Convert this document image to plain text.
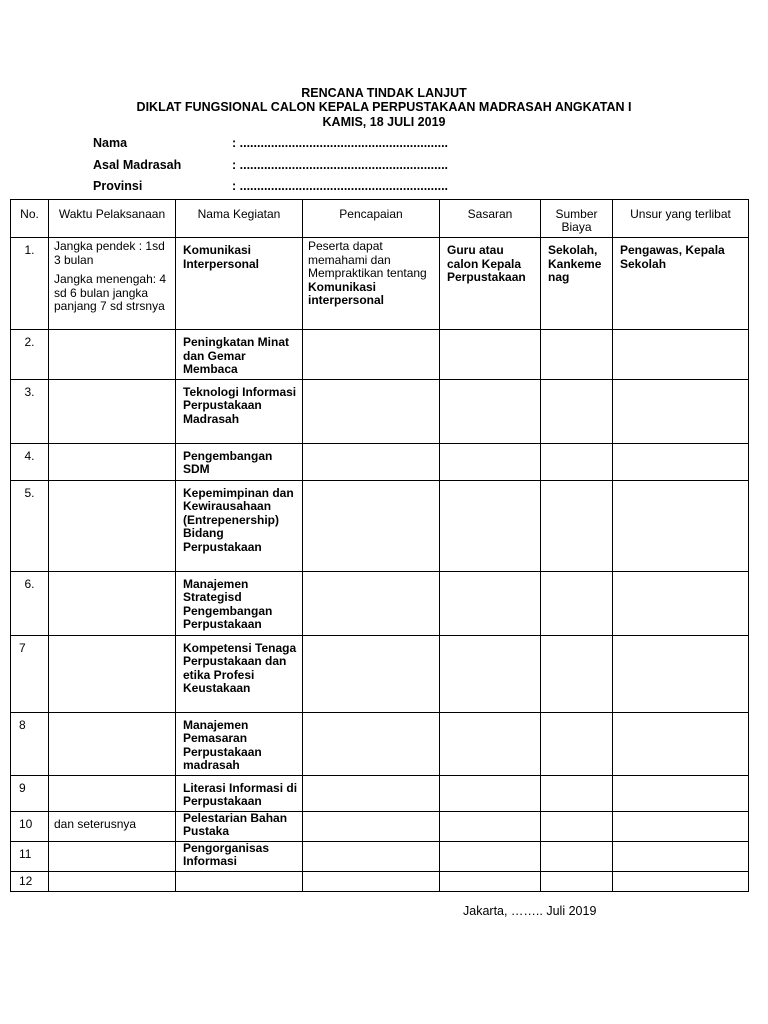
RENCANA TINDAK LANJUT
DIKLAT FUNGSIONAL CALON KEPALA PERPUSTAKAAN MADRASAH ANGKATAN I
KAMIS, 18 JULI 2019
Nama	: ............................................................
Asal Madrasah	: ............................................................
Provinsi	: ............................................................
No.	Waktu Pelaksanaan	Nama Kegiatan	Pencapaian	Sasaran	Sumber Biaya	Unsur yang terlibat
1.	Jangka pendek : 1sd 3 bulan
Jangka menengah: 4 sd 6 bulan jangka panjang 7 sd strsnya	Komunikasi Interpersonal	Peserta dapat memahami dan Mempraktikan tentang Komunikasi interpersonal	Guru atau calon Kepala Perpustakaan	Sekolah, Kankeme nag	Pengawas, Kepala Sekolah
2.		Peningkatan Minat dan Gemar Membaca				
3.		Teknologi Informasi Perpustakaan Madrasah				
4.		Pengembangan SDM				
5.		Kepemimpinan dan Kewirausahaan (Entrepenership) Bidang Perpustakaan				
6.		Manajemen Strategisd Pengembangan Perpustakaan				
7		Kompetensi Tenaga Perpustakaan dan etika Profesi Keustakaan				
8		Manajemen Pemasaran Perpustakaan madrasah				
9		Literasi Informasi di Perpustakaan				
10	dan seterusnya	Pelestarian Bahan Pustaka				
11		Pengorganisas Informasi				
12						
Jakarta, …….. Juli 2019
